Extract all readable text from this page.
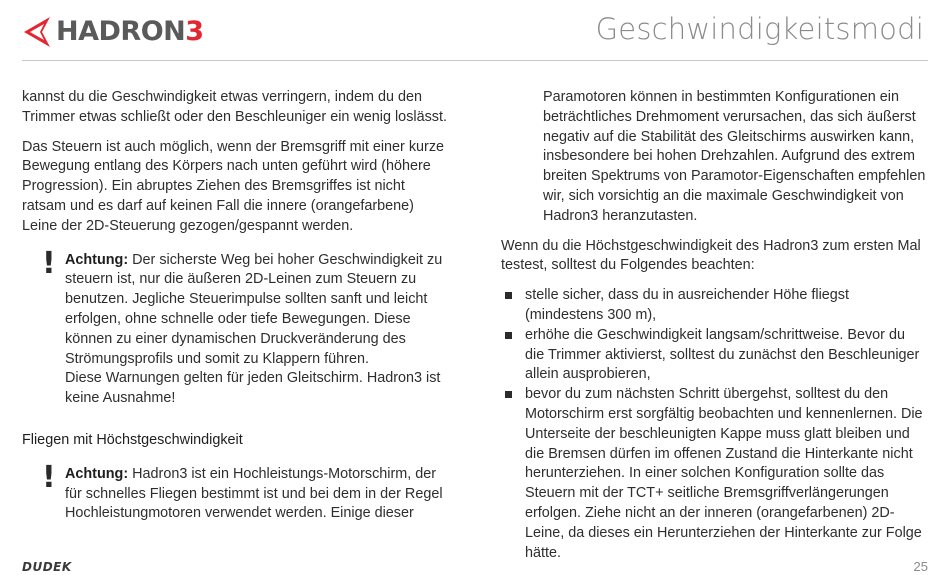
HADRON 3	Geschwindigkeitsmodi

kannst du die Geschwindigkeit etwas verringern, indem du den Trimmer etwas schließt oder den Beschleuniger ein wenig loslässt.

Das Steuern ist auch möglich, wenn der Bremsgriff mit einer kurze Bewegung entlang des Körpers nach unten geführt wird (höhere Progression). Ein abruptes Ziehen des Bremsgriffes ist nicht ratsam und es darf auf keinen Fall die innere (orangefarbene) Leine der 2D-Steuerung gezogen/gespannt werden.

! Achtung: Der sicherste Weg bei hoher Geschwindigkeit zu steuern ist, nur die äußeren 2D-Leinen zum Steuern zu benutzen. Jegliche Steuerimpulse sollten sanft und leicht erfolgen, ohne schnelle oder tiefe Bewegungen. Diese können zu einer dynamischen Druckveränderung des Strömungsprofils und somit zu Klappern führen.
Diese Warnungen gelten für jeden Gleitschirm. Hadron3 ist keine Ausnahme!
Fliegen mit Höchstgeschwindigkeit
! Achtung: Hadron3 ist ein Hochleistungs-Motorschirm, der für schnelles Fliegen bestimmt ist und bei dem in der Regel Hochleistungmotoren verwendet werden. Einige dieser

Paramotoren können in bestimmten Konfigurationen ein beträchtliches Drehmoment verursachen, das sich äußerst negativ auf die Stabilität des Gleitschirms auswirken kann, insbesondere bei hohen Drehzahlen. Aufgrund des extrem breiten Spektrums von Paramotor-Eigenschaften empfehlen wir, sich vorsichtig an die maximale Geschwindigkeit von Hadron3 heranzutasten.

Wenn du die Höchstgeschwindigkeit des Hadron3 zum ersten Mal testest, solltest du Folgendes beachten:

stelle sicher, dass du in ausreichender Höhe fliegst (mindestens 300 m),
erhöhe die Geschwindigkeit langsam/schrittweise. Bevor du die Trimmer aktivierst, solltest du zunächst den Beschleuniger allein ausprobieren,
bevor du zum nächsten Schritt übergehst, solltest du den Motorschirm erst sorgfältig beobachten und kennenlernen. Die Unterseite der beschleunigten Kappe muss glatt bleiben und die Bremsen dürfen im offenen Zustand die Hinterkante nicht herunterziehen. In einer solchen Konfiguration sollte das Steuern mit der TCT+ seitliche Bremsgriffverlängerungen erfolgen. Ziehe nicht an der inneren (orangefarbenen) 2D-Leine, da dieses ein Herunterziehen der Hinterkante zur Folge hätte.
DUDEK	25
